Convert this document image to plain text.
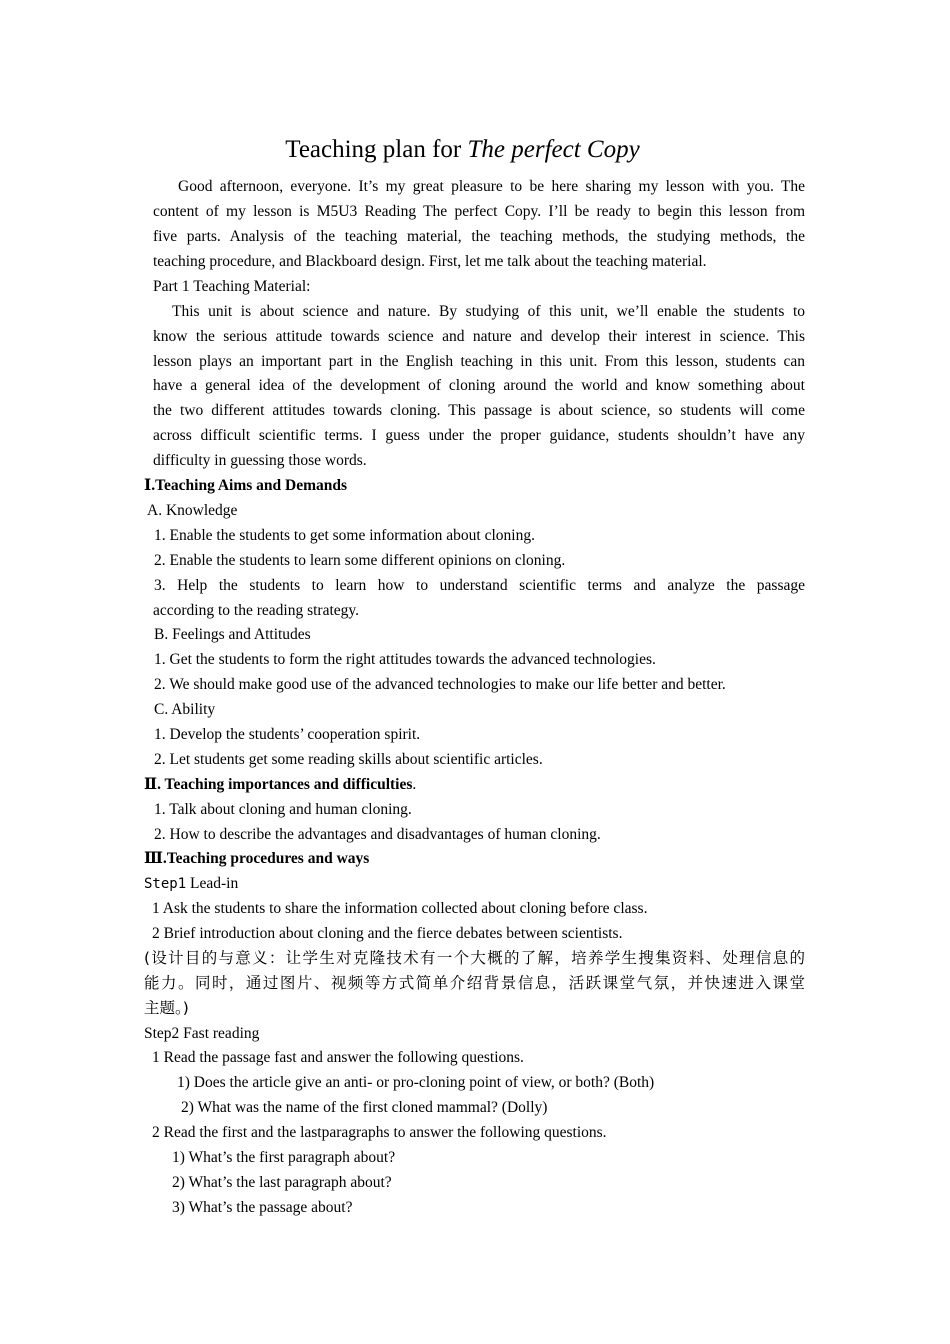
Teaching plan for The perfect Copy
Good afternoon, everyone. It’s my great pleasure to be here sharing my lesson with you. The
content of my lesson is M5U3 Reading The perfect Copy. I’ll be ready to begin this lesson from
five parts. Analysis of the teaching material, the teaching methods, the studying methods, the
teaching procedure, and Blackboard design. First, let me talk about the teaching material.
Part 1 Teaching Material:
This unit is about science and nature. By studying of this unit, we’ll enable the students to
know the serious attitude towards science and nature and develop their interest in science. This
lesson plays an important part in the English teaching in this unit. From this lesson, students can
have a general idea of the development of cloning around the world and know something about
the two different attitudes towards cloning. This passage is about science, so students will come
across difficult scientific terms. I guess under the proper guidance, students shouldn’t have any
difficulty in guessing those words.
Ⅰ.Teaching Aims and Demands
A. Knowledge
1. Enable the students to get some information about cloning.
2. Enable the students to learn some different opinions on cloning.
3. Help the students to learn how to understand scientific terms and analyze the passage
according to the reading strategy.
B. Feelings and Attitudes
1. Get the students to form the right attitudes towards the advanced technologies.
2. We should make good use of the advanced technologies to make our life better and better.
C. Ability
1. Develop the students’ cooperation spirit.
2. Let students get some reading skills about scientific articles.
Ⅱ. Teaching importances and difficulties.
1. Talk about cloning and human cloning.
2. How to describe the advantages and disadvantages of human cloning.
Ⅲ.Teaching procedures and ways
Step1 Lead-in
1 Ask the students to share the information collected about cloning before class.
2 Brief introduction about cloning and the fierce debates between scientists.
(设计目的与意义：让学生对克隆技术有一个大概的了解，培养学生搜集资料、处理信息的
能力。同时，通过图片、视频等方式简单介绍背景信息，活跃课堂气氛，并快速进入课堂
主题。)
Step2 Fast reading
1 Read the passage fast and answer the following questions.
1) Does the article give an anti- or pro-cloning point of view, or both? (Both)
2) What was the name of the first cloned mammal? (Dolly)
2 Read the first and the lastparagraphs to answer the following questions.
1) What’s the first paragraph about?
2) What’s the last paragraph about?
3) What’s the passage about?
